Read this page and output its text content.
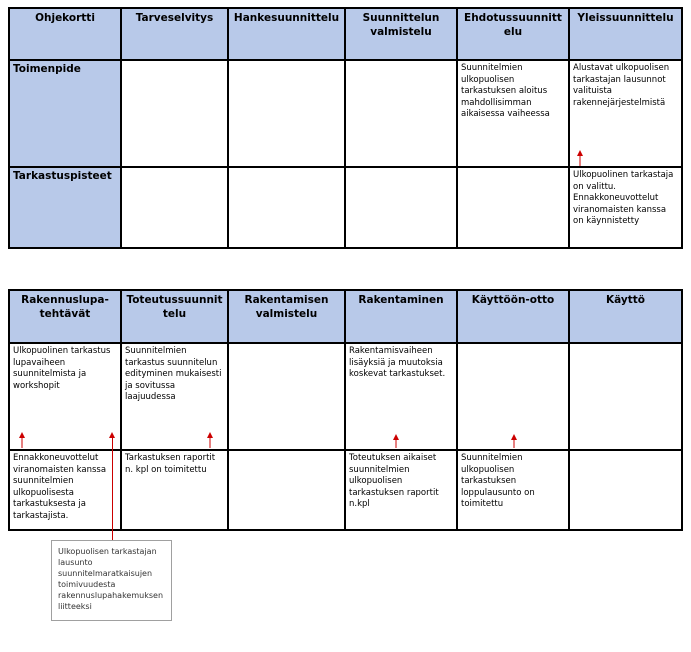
Ohjekortti	Tarveselvitys	Hankesuunnittelu	Suunnittelun valmistelu	Ehdotussuunnitt elu	Yleissuunnittelu
Toimenpide				Suunnitelmien ulkopuolisen tarkastuksen aloitus mahdollisimman aikaisessa vaiheessa	Alustavat ulkopuolisen tarkastajan lausunnot valituista rakennejärjestelmistä
Tarkastuspisteet					Ulkopuolinen tarkastaja on valittu. Ennakkoneuvottelut viranomaisten kanssa on käynnistetty
Rakennuslupa-tehtävät	Toteutussuunnit telu	Rakentamisen valmistelu	Rakentaminen	Käyttöön-otto	Käyttö
Ulkopuolinen tarkastus lupavaiheen suunnitelmista ja workshopit	Suunnitelmien tarkastus suunnitelun edityminen mukaisesti ja sovitussa laajuudessa		Rakentamisvaiheen lisäyksiä ja muutoksia koskevat tarkastukset.		
Ennakkoneuvottelut viranomaisten kanssa suunnitelmien ulkopuolisesta tarkastuksesta ja tarkastajista.	Tarkastuksen raportit n. kpl on toimitettu		Toteutuksen aikaiset suunnitelmien ulkopuolisen tarkastuksen raportit n.kpl	Suunnitelmien ulkopuolisen tarkastuksen loppulausunto on toimitettu	
Ulkopuolisen tarkastajan lausunto suunnitelmaratkaisujen toimivuudesta rakennuslupahakemuksen liitteeksi
